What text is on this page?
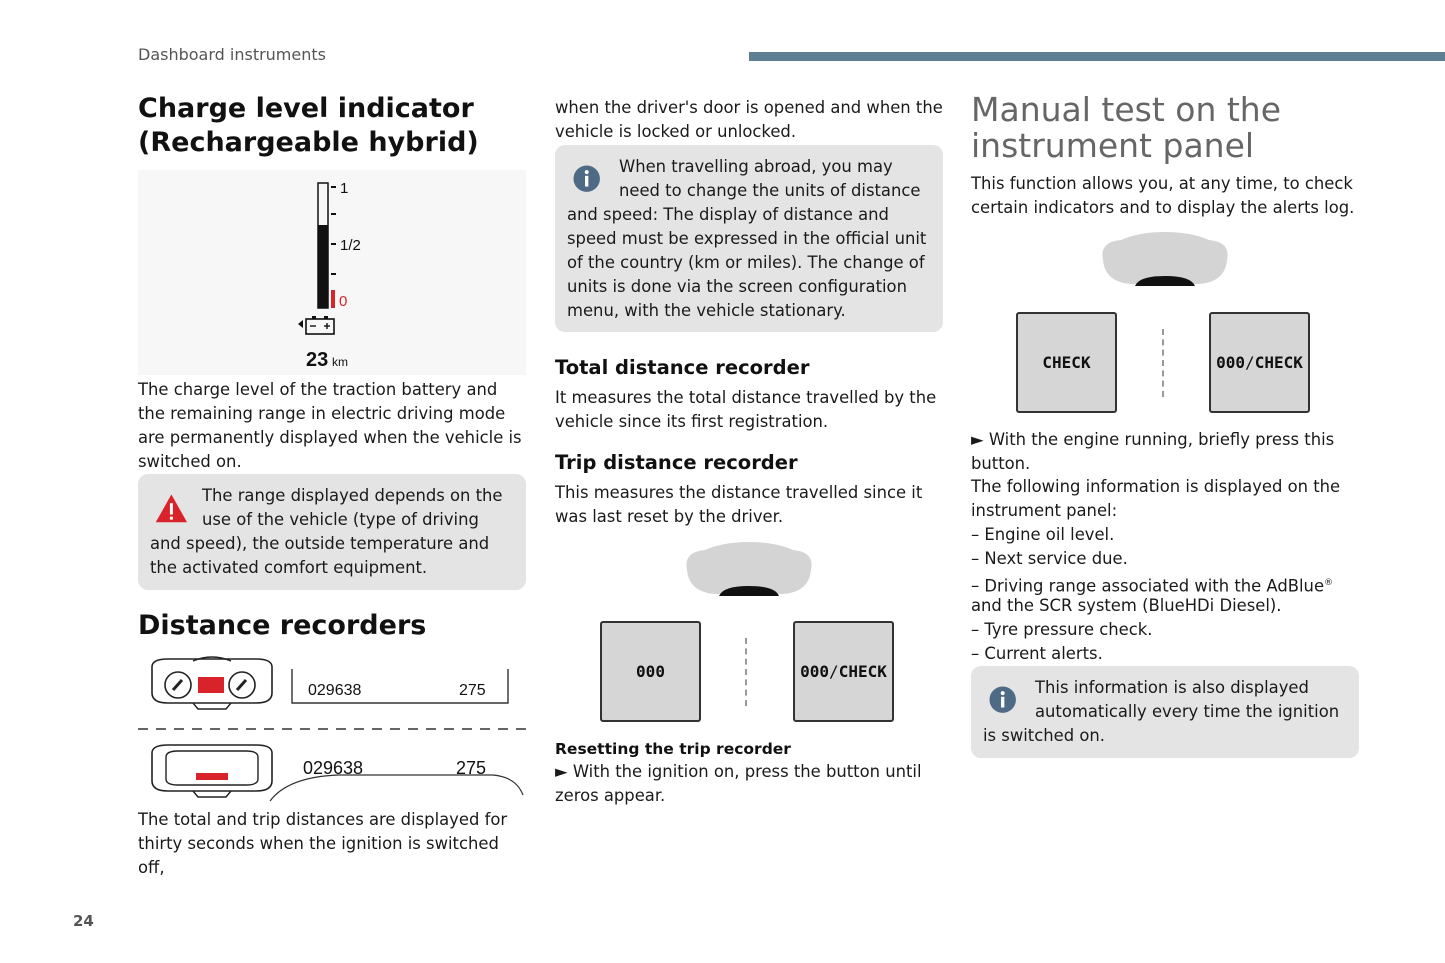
Dashboard instruments
24
Charge level indicator
(Rechargeable hybrid)
1
1/2
0
23 km

The charge level of the traction battery and the remaining range in electric driving mode are permanently displayed when the vehicle is switched on.

The range displayed depends on the use of the vehicle (type of driving and speed), the outside temperature and the activated comfort equipment.
Distance recorders
029638	275
029638	275

The total and trip distances are displayed for thirty seconds when the ignition is switched off,

when the driver's door is opened and when the vehicle is locked or unlocked.

When travelling abroad, you may need to change the units of distance and speed: The display of distance and speed must be expressed in the official unit of the country (km or miles). The change of units is done via the screen configuration menu, with the vehicle stationary.
Total distance recorder

It measures the total distance travelled by the vehicle since its first registration.

Trip distance recorder

This measures the distance travelled since it was last reset by the driver.

000	000 / CHECK
Resetting the trip recorder

► With the ignition on, press the button until zeros appear.

Manual test on the
instrument panel

This function allows you, at any time, to check certain indicators and to display the alerts log.

CHECK	000 / CHECK

► With the engine running, briefly press this button.

The following information is displayed on the instrument panel:

– Engine oil level.
– Next service due.
– Driving range associated with the AdBlue®

and the SCR system (BlueHDi Diesel).

– Tyre pressure check.
– Current alerts.
This information is also displayed automatically every time the ignition is switched on.
